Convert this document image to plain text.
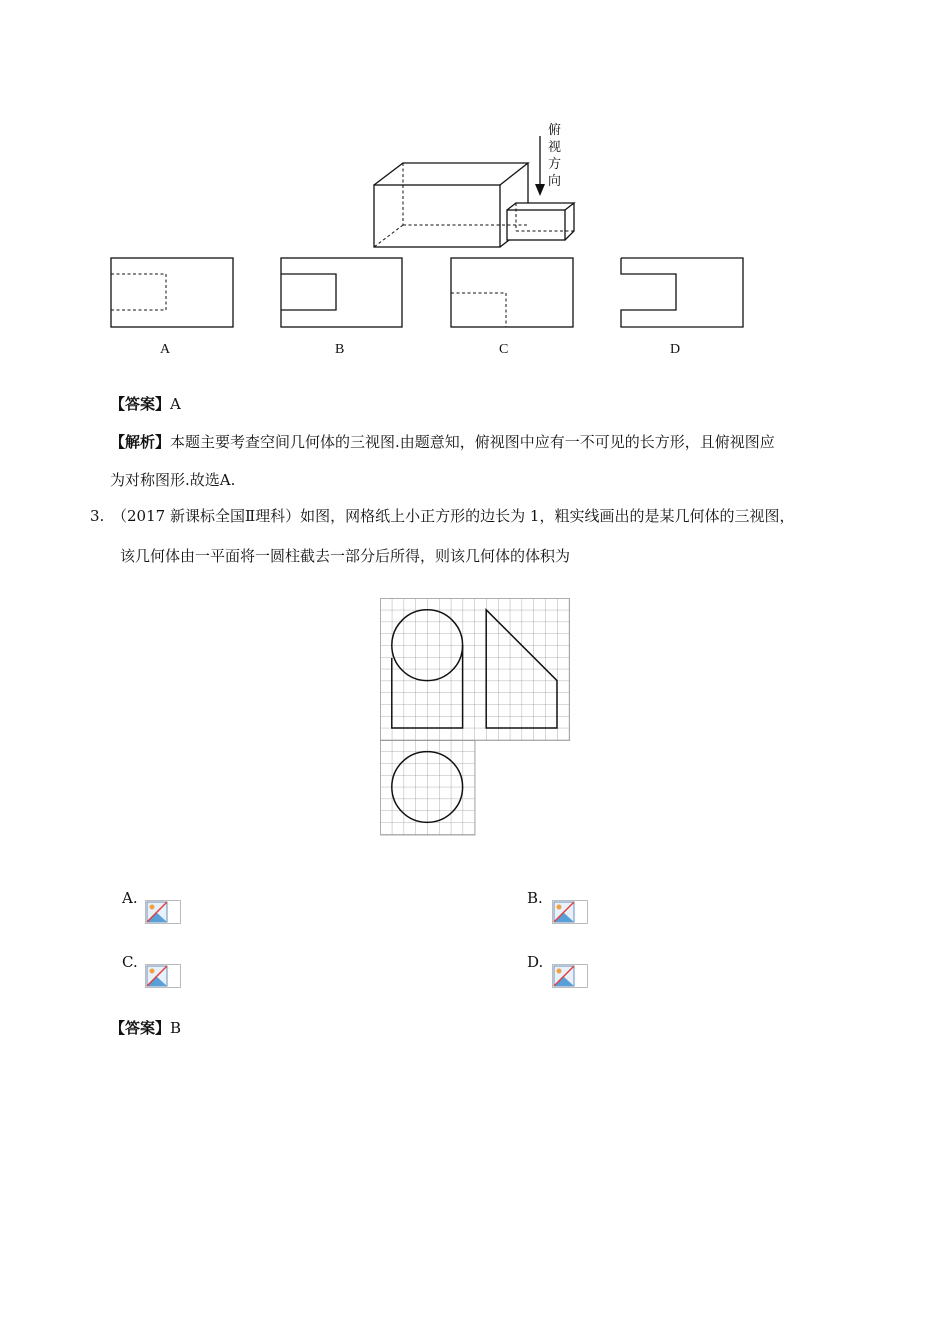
俯
视
方
向
A	B	C	D
【答案】A
【解析】本题主要考查空间几何体的三视图.由题意知，俯视图中应有一不可见的长方形，且俯视图应
为对称图形.故选A.
3. （2017 新课标全国Ⅱ理科）如图，网格纸上小正方形的边长为 1，粗实线画出的是某几何体的三视图，
该几何体由一平面将一圆柱截去一部分后所得，则该几何体的体积为
A.	B.
C.	D.
【答案】B
